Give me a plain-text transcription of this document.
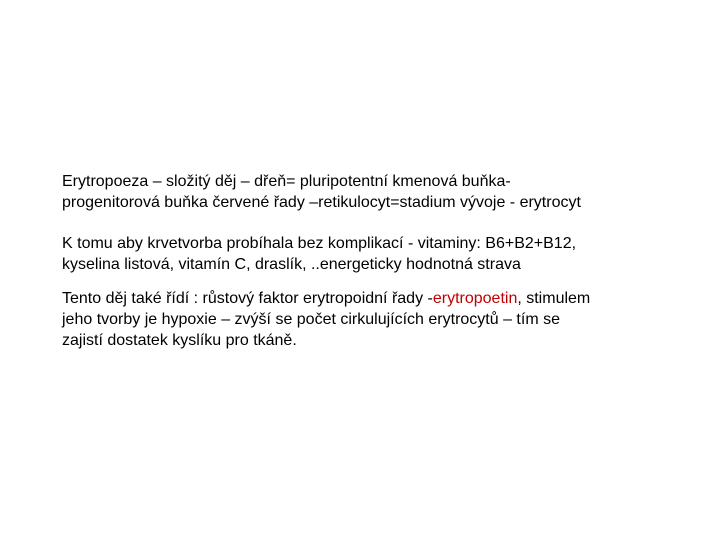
Erytropoeza – složitý děj – dřeň= pluripotentní kmenová buňka-
progenitorová buňka červené řady –retikulocyt=stadium vývoje - erytrocyt

K tomu aby krvetvorba probíhala bez komplikací - vitaminy: B6+B2+B12,
kyselina listová, vitamín C, draslík, ..energeticky hodnotná strava

Tento děj také řídí : růstový faktor erytropoidní řady -erytropoetin, stimulem
jeho tvorby je hypoxie – zvýší se počet cirkulujících erytrocytů – tím se
zajistí dostatek kyslíku pro tkáně.
